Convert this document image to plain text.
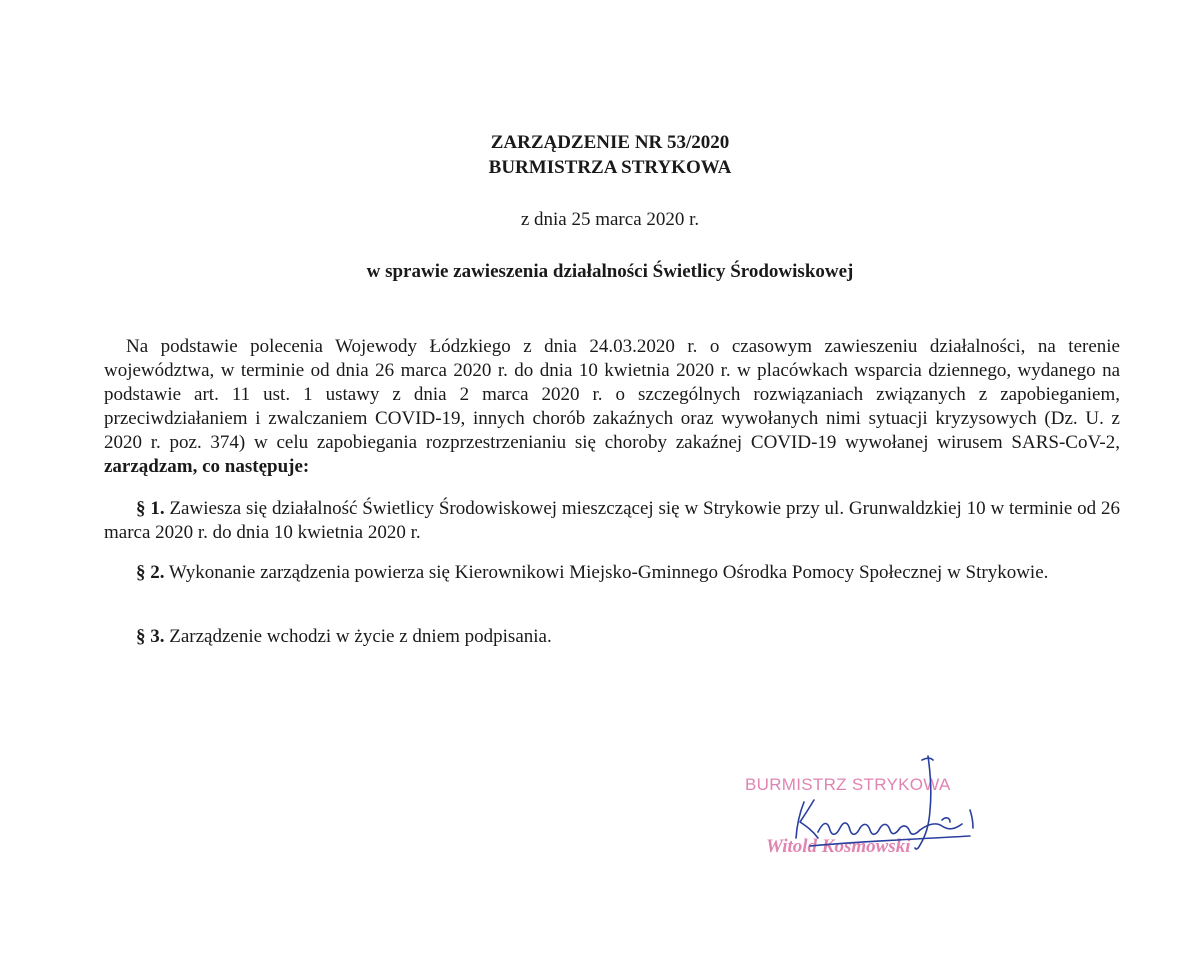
ZARZĄDZENIE NR 53/2020

BURMISTRZA STRYKOWA

z dnia 25 marca 2020 r.

w sprawie zawieszenia działalności Świetlicy Środowiskowej

Na podstawie polecenia Wojewody Łódzkiego z dnia 24.03.2020 r. o czasowym zawieszeniu działalności, na terenie województwa, w terminie od dnia 26 marca 2020 r. do dnia 10 kwietnia 2020 r. w placówkach wsparcia dziennego, wydanego na podstawie art. 11 ust. 1 ustawy z dnia 2 marca 2020 r. o szczególnych rozwiązaniach związanych z zapobieganiem, przeciwdziałaniem i zwalczaniem COVID-19, innych chorób zakaźnych oraz wywołanych nimi sytuacji kryzysowych (Dz. U. z 2020 r. poz. 374) w celu zapobiegania rozprzestrzenianiu się choroby zakaźnej COVID-19 wywołanej wirusem SARS-CoV-2, zarządzam, co następuje:

§ 1. Zawiesza się działalność Świetlicy Środowiskowej mieszczącej się w Strykowie przy ul. Grunwaldzkiej 10 w terminie od 26 marca 2020 r. do dnia 10 kwietnia 2020 r.

§ 2. Wykonanie zarządzenia powierza się Kierownikowi Miejsko-Gminnego Ośrodka Pomocy Społecznej w Strykowie.

§ 3. Zarządzenie wchodzi w życie z dniem podpisania.

BURMISTRZ STRYKOWA

Witold Kosmowski
